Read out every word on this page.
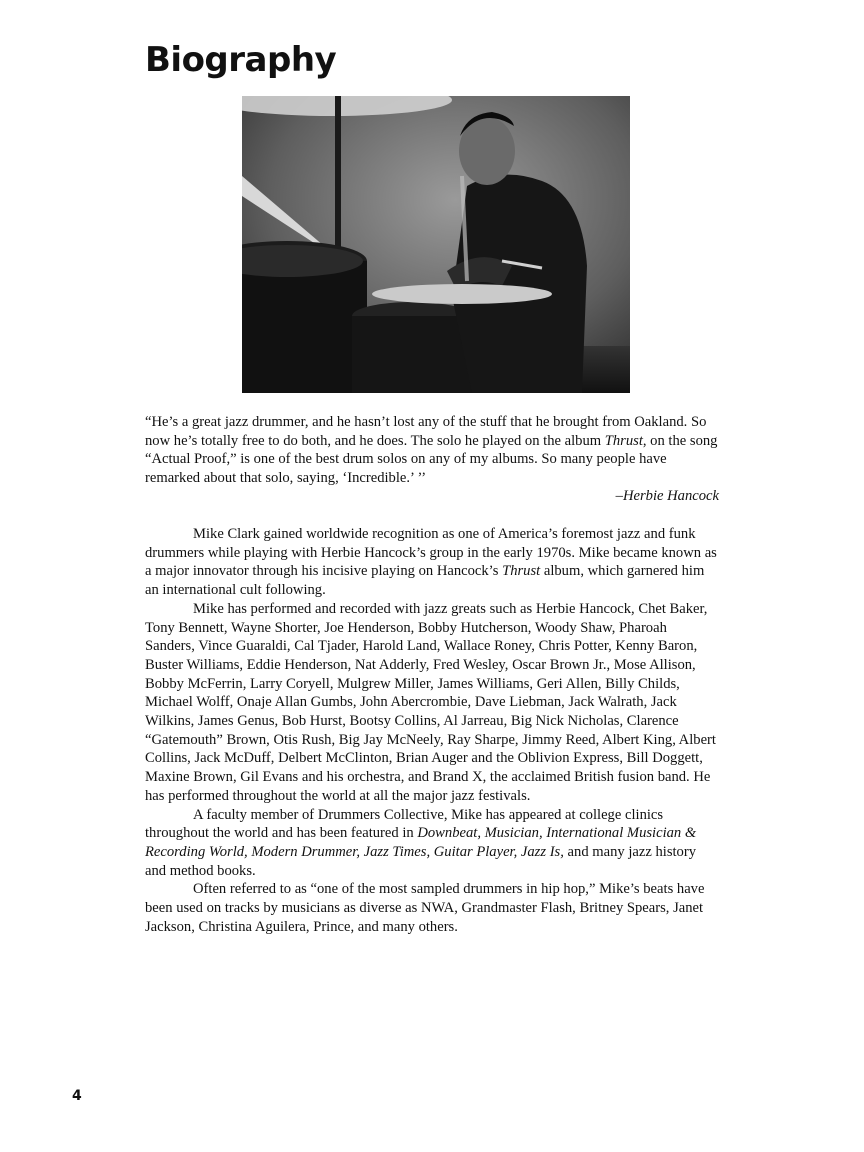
Biography

“He’s a great jazz drummer, and he hasn’t lost any of the stuff that he brought from Oakland. So now he’s totally free to do both, and he does. The solo he played on the album Thrust, on the song “Actual Proof,” is one of the best drum solos on any of my albums. So many people have remarked about that solo, saying, ‘Incredible.’ ’’

–Herbie Hancock

Mike Clark gained worldwide recognition as one of America’s foremost jazz and funk drummers while playing with Herbie Hancock’s group in the early 1970s. Mike became known as a major innovator through his incisive playing on Hancock’s Thrust album, which garnered him an international cult following.

Mike has performed and recorded with jazz greats such as Herbie Hancock, Chet Baker, Tony Bennett, Wayne Shorter, Joe Henderson, Bobby Hutcherson, Woody Shaw, Pharoah Sanders, Vince Guaraldi, Cal Tjader, Harold Land, Wallace Roney, Chris Potter, Kenny Baron, Buster Williams, Eddie Henderson, Nat Adderly, Fred Wesley, Oscar Brown Jr., Mose Allison, Bobby McFerrin, Larry Coryell, Mulgrew Miller, James Williams, Geri Allen, Billy Childs, Michael Wolff, Onaje Allan Gumbs, John Abercrombie, Dave Liebman, Jack Walrath, Jack Wilkins, James Genus, Bob Hurst, Bootsy Collins, Al Jarreau, Big Nick Nicholas, Clarence “Gatemouth” Brown, Otis Rush, Big Jay McNeely, Ray Sharpe, Jimmy Reed, Albert King, Albert Collins, Jack McDuff, Delbert McClinton, Brian Auger and the Oblivion Express, Bill Doggett, Maxine Brown, Gil Evans and his orchestra, and Brand X, the acclaimed British fusion band. He has performed throughout the world at all the major jazz festivals.

A faculty member of Drummers Collective, Mike has appeared at college clinics throughout the world and has been featured in Downbeat, Musician, International Musician & Recording World, Modern Drummer, Jazz Times, Guitar Player, Jazz Is, and many jazz history and method books.

Often referred to as “one of the most sampled drummers in hip hop,” Mike’s beats have been used on tracks by musicians as diverse as NWA, Grandmaster Flash, Britney Spears, Janet Jackson, Christina Aguilera, Prince, and many others.

4
